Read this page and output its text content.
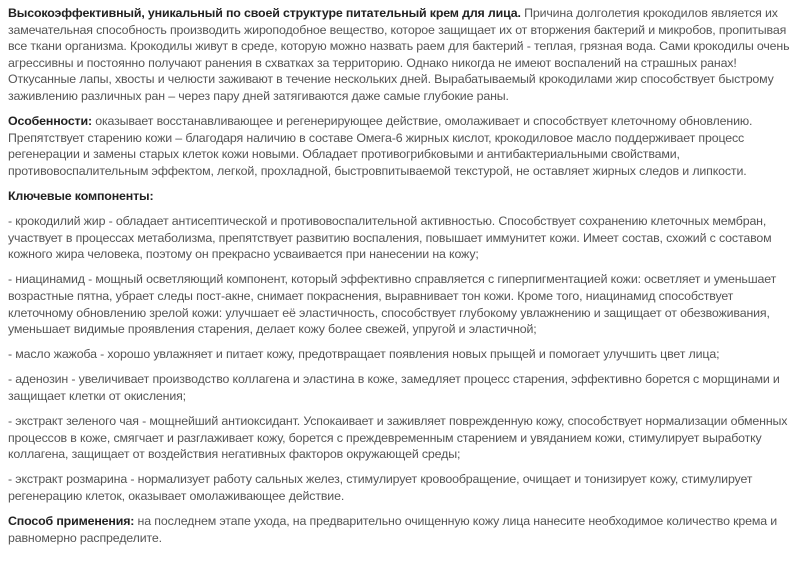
Высокоэффективный, уникальный по своей структуре питательный крем для лица. Причина долголетия крокодилов является их замечательная способность производить жироподобное вещество, которое защищает их от вторжения бактерий и микробов, пропитывая все ткани организма. Крокодилы живут в среде, которую можно назвать раем для бактерий - теплая, грязная вода. Сами крокодилы очень агрессивны и постоянно получают ранения в схватках за территорию. Однако никогда не имеют воспалений на страшных ранах! Откусанные лапы, хвосты и челюсти заживают в течение нескольких дней. Вырабатываемый крокодилами жир способствует быстрому заживлению различных ран – через пару дней затягиваются даже самые глубокие раны.

Особенности: оказывает восстанавливающее и регенерирующее действие, омолаживает и способствует клеточному обновлению. Препятствует старению кожи – благодаря наличию в составе Омега-6 жирных кислот, крокодиловое масло поддерживает процесс регенерации и замены старых клеток кожи новыми. Обладает противогрибковыми и антибактериальными свойствами, противовоспалительным эффектом, легкой, прохладной, быстровпитываемой текстурой, не оставляет жирных следов и липкости.

Ключевые компоненты:

- крокодилий жир - обладает антисептической и противовоспалительной активностью. Способствует сохранению клеточных мембран, участвует в процессах метаболизма, препятствует развитию воспаления, повышает иммунитет кожи. Имеет состав, схожий с составом кожного жира человека, поэтому он прекрасно усваивается при нанесении на кожу;

- ниацинамид - мощный осветляющий компонент, который эффективно справляется с гиперпигментацией кожи: осветляет и уменьшает возрастные пятна, убрает следы пост-акне, снимает покраснения, выравнивает тон кожи. Кроме того, ниацинамид способствует клеточному обновлению зрелой кожи: улучшает её эластичность, способствует глубокому увлажнению и защищает от обезвоживания, уменьшает видимые проявления старения, делает кожу более свежей, упругой и эластичной;

- масло жажоба - хорошо увлажняет и питает кожу, предотвращает появления новых прыщей и помогает улучшить цвет лица;

- аденозин - увеличивает производство коллагена и эластина в коже, замедляет процесс старения, эффективно борется с морщинами и защищает клетки от окисления;

- экстракт зеленого чая - мощнейший антиоксидант. Успокаивает и заживляет поврежденную кожу, способствует нормализации обменных процессов в коже, смягчает и разглаживает кожу, борется с преждевременным старением и увяданием кожи, стимулирует выработку коллагена, защищает от воздействия негативных факторов окружающей среды;

- экстракт розмарина - нормализует работу сальных желез, стимулирует кровообращение, очищает и тонизирует кожу, стимулирует регенерацию клеток, оказывает омолаживающее действие.

Способ применения: на последнем этапе ухода, на предварительно очищенную кожу лица нанесите необходимое количество крема и равномерно распределите.
